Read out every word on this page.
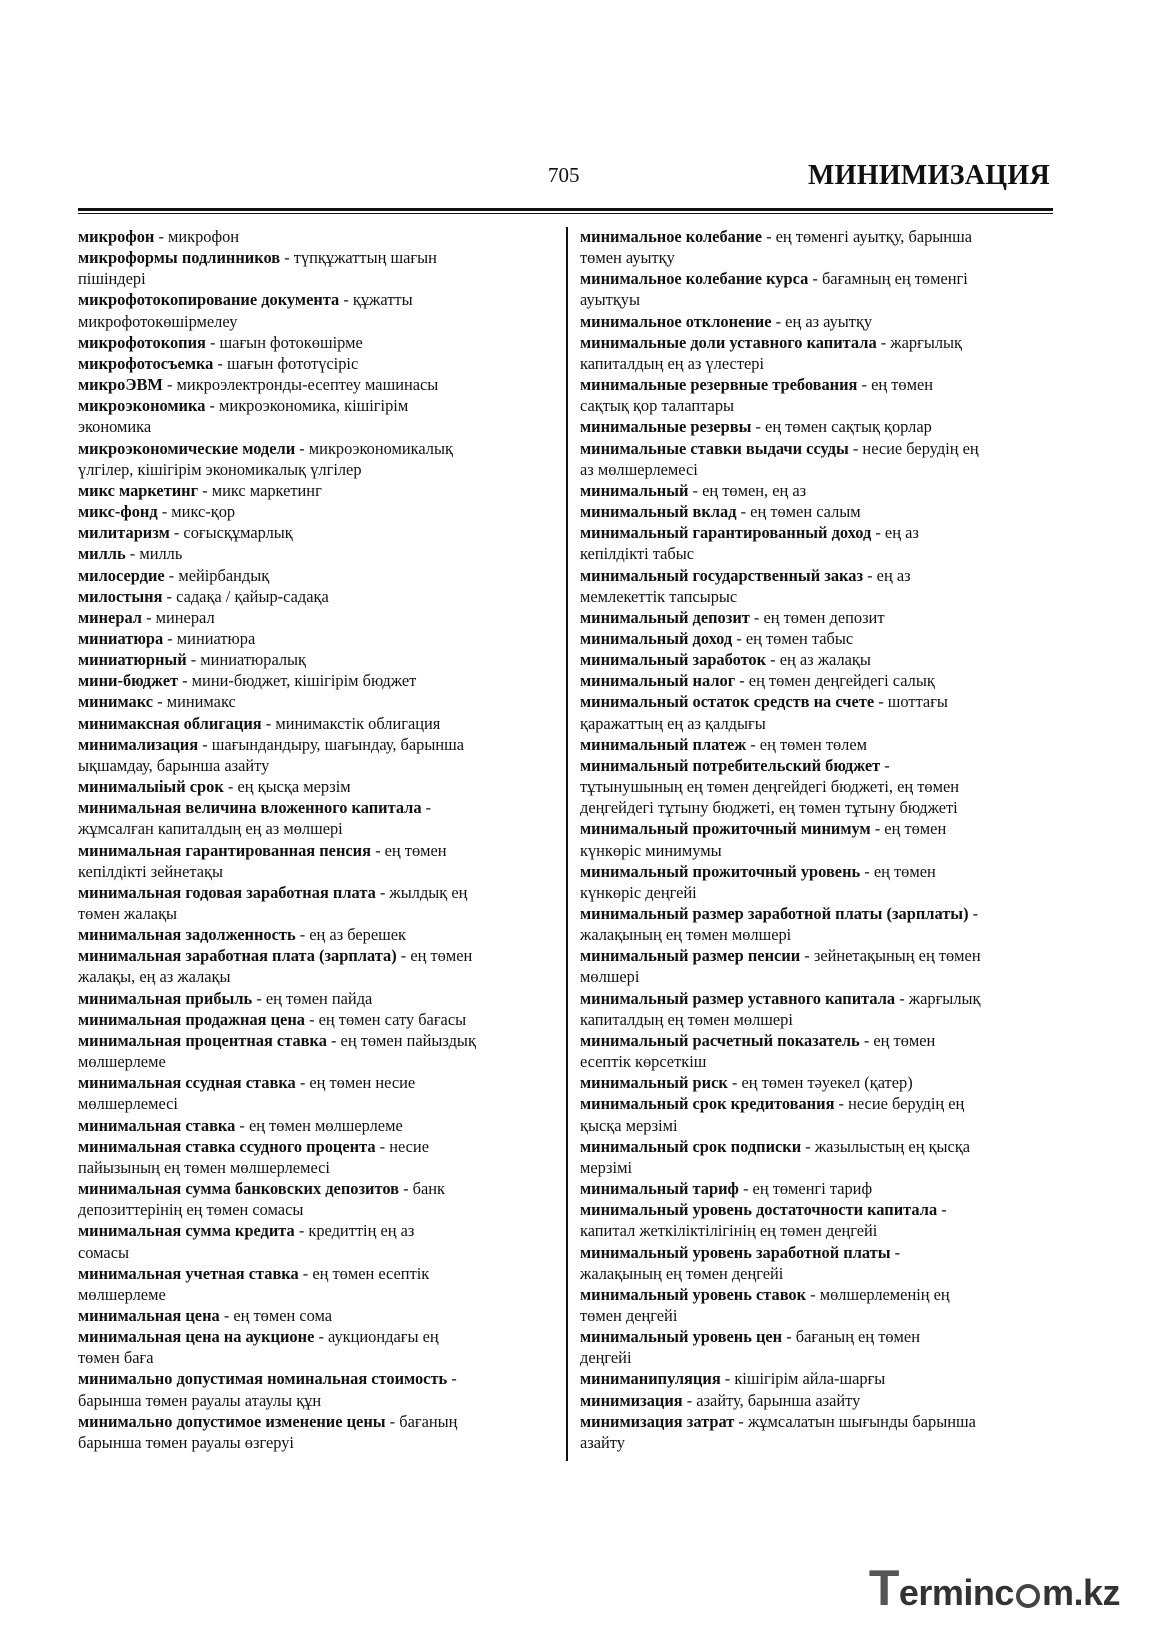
705	МИНИМИЗАЦИЯ
микрофон - микрофон
микроформы подлинников - түпқұжаттың шағын
пішіндері
микрофотокопирование документа - құжатты
микрофотокөшірмелеу
микрофотокопия - шағын фотокөшірме
микрофотосъемка - шағын фототүсіріс
микроЭВМ - микроэлектронды-есептеу машинасы
микроэкономика - микроэкономика, кішігірім
экономика
микроэкономические модели - микроэкономикалық
үлгілер, кішігірім экономикалық үлгілер
микс маркетинг - микс маркетинг
микс-фонд - микс-қор
милитаризм - соғысқұмарлық
милль - милль
милосердие - мейірбандық
милостыня - садақа / қайыр-садақа
минерал - минерал
миниатюра - миниатюра
миниатюрный - миниатюралық
мини-бюджет - мини-бюджет, кішігірім бюджет
минимакс - минимакс
минимаксная облигация - минимакстік облигация
минимализация - шағындандыру, шағындау, барынша
ықшамдау, барынша азайту
минималыiый срок - ең қысқа мерзім
минимальная величина вложенного капитала -
жұмсалған капиталдың ең аз мөлшері
минимальная гарантированная пенсия - ең төмен
кепілдікті зейнетақы
минимальная годовая заработная плата - жылдық ең
төмен жалақы
минимальная задолженность - ең аз берешек
минимальная заработная плата (зарплата) - ең төмен
жалақы, ең аз жалақы
минимальная прибыль - ең төмен пайда
минимальная продажная цена - ең төмен сату бағасы
минимальная процентная ставка - ең төмен пайыздық
мөлшерлеме
минимальная ссудная ставка - ең төмен несие
мөлшерлемесі
минимальная ставка - ең төмен мөлшерлеме
минимальная ставка ссудного процента - несие
пайызының ең төмен мөлшерлемесі
минимальная сумма банковских депозитов - банк
депозиттерінің ең төмен сомасы
минимальная сумма кредита - кредиттің ең аз
сомасы
минимальная учетная ставка - ең төмен есептік
мөлшерлеме
минимальная цена - ең төмен сома
минимальная цена на аукционе - аукциондағы ең
төмен баға
минимально допустимая номинальная стоимость -
барынша төмен рауалы атаулы құн
минимально допустимое изменение цены - бағаның
барынша төмен рауалы өзгеруі
минимальное колебание - ең төменгі ауытқу, барынша
төмен ауытқу
минимальное колебание курса - бағамның ең төменгі
ауытқуы
минимальное отклонение - ең аз ауытқу
минимальные доли уставного капитала - жарғылық
капиталдың ең аз үлестері
минимальные резервные требования - ең төмен
сақтық қор талаптары
минимальные резервы - ең төмен сақтық қорлар
минимальные ставки выдачи ссуды - несие берудің ең
аз мөлшерлемесі
минимальный - ең төмен, ең аз
минимальный вклад - ең төмен салым
минимальный гарантированный доход - ең аз
кепілдікті табыс
минимальный государственный заказ - ең аз
мемлекеттік тапсырыс
минимальный депозит - ең төмен депозит
минимальный доход - ең төмен табыс
минимальный заработок - ең аз жалақы
минимальный налог - ең төмен деңгейдегі салық
минимальный остаток средств на счете - шоттағы
қаражаттың ең аз қалдығы
минимальный платеж - ең төмен төлем
минимальный потребительский бюджет -
тұтынушының ең төмен деңгейдегі бюджеті, ең төмен
деңгейдегі тұтыну бюджеті, ең төмен тұтыну бюджеті
минимальный прожиточный минимум - ең төмен
күнкөріс минимумы
минимальный прожиточный уровень - ең төмен
күнкөріс деңгейі
минимальный размер заработной платы (зарплаты) -
жалақының ең төмен мөлшері
минимальный размер пенсии - зейнетақының ең төмен
мөлшері
минимальный размер уставного капитала - жарғылық
капиталдың ең төмен мөлшері
минимальный расчетный показатель - ең төмен
есептік көрсеткіш
минимальный риск - ең төмен тәуекел (қатер)
минимальный срок кредитования - несие берудің ең
қысқа мерзімі
минимальный срок подписки - жазылыстың ең қысқа
мерзімі
минимальный тариф - ең төменгі тариф
минимальный уровень достаточности капитала -
капитал жеткіліктілігінің ең төмен деңгейі
минимальный уровень заработной платы -
жалақының ең төмен деңгейі
минимальный уровень ставок - мөлшерлеменің ең
төмен деңгейі
минимальный уровень цен - бағаның ең төмен
деңгейі
миниманипуляция - кішігірім айла-шарғы
минимизация - азайту, барынша азайту
минимизация затрат - жұмсалатын шығынды барынша
азайту
Terminc m.kz
